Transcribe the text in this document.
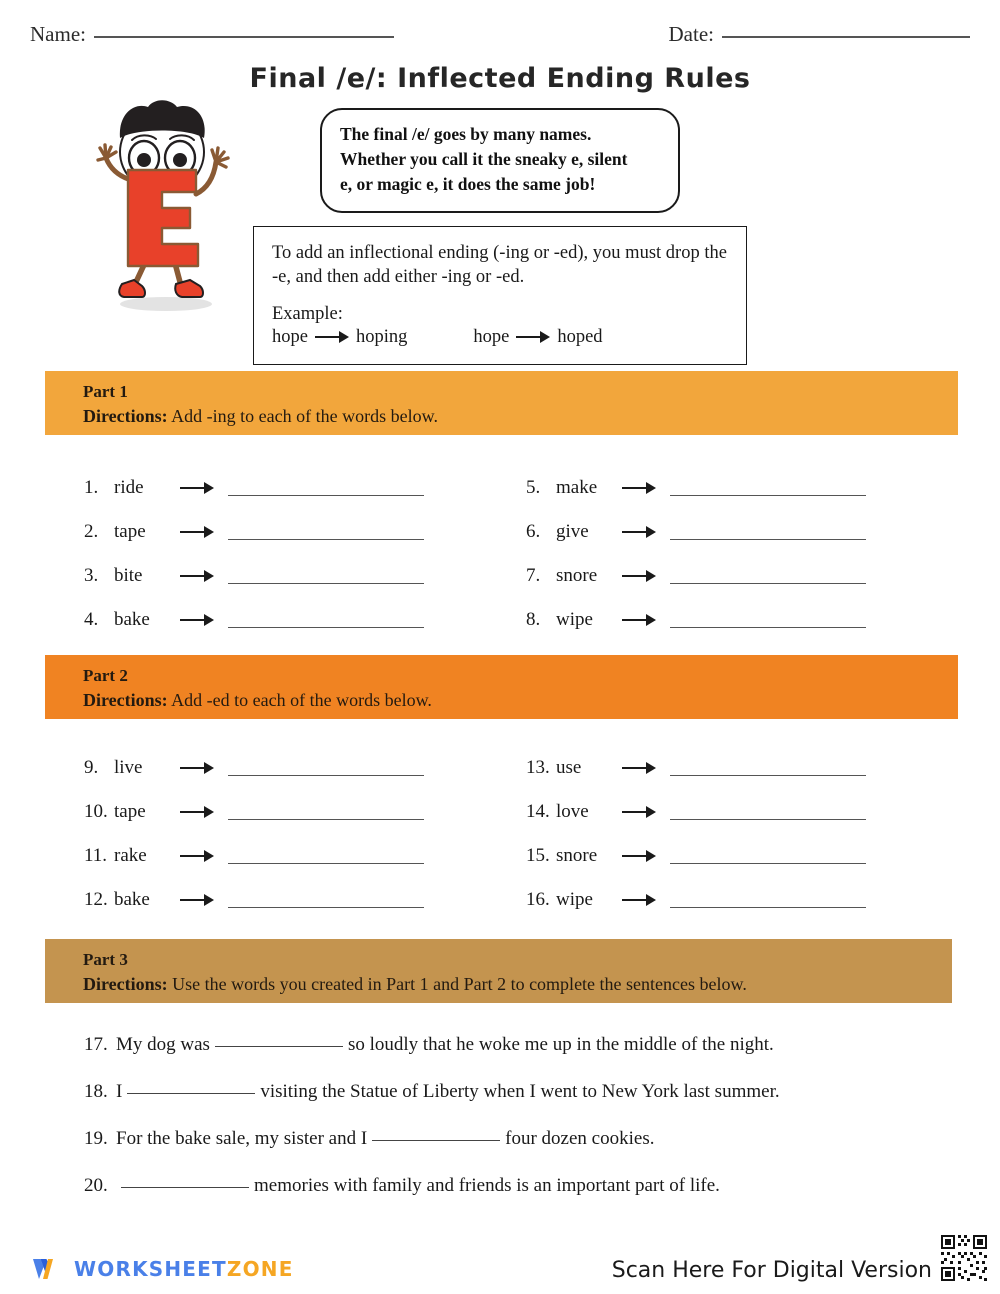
Name:	Date:
Final /e/: Inflected Ending Rules

The final /e/ goes by many names.

Whether you call it the sneaky e, silent

e, or magic e, it does the same job!

To add an inflectional ending (-ing or -ed), you must drop the -e, and then add either -ing or -ed.

Example:

hope	hoping	hope	hoped
Part 1
Directions: Add -ing to each of the words below.
1. ride
2. tape
3. bite
4. bake
5. make
6. give
7. snore
8. wipe
Part 2
Directions: Add -ed to each of the words below.
9. live
10. tape
11. rake
12. bake
13. use
14. love
15. snore
16. wipe
Part 3
Directions: Use the words you created in Part 1 and Part 2 to complete the sentences below.
17. My dog was	so loudly that he woke me up in the middle of the night.
18. I	visiting the Statue of Liberty when I went to New York last summer.
19. For the bake sale, my sister and I	four dozen cookies.
20.	memories with family and friends is an important part of life.
WORKSHEETZONE	Scan Here For Digital Version
